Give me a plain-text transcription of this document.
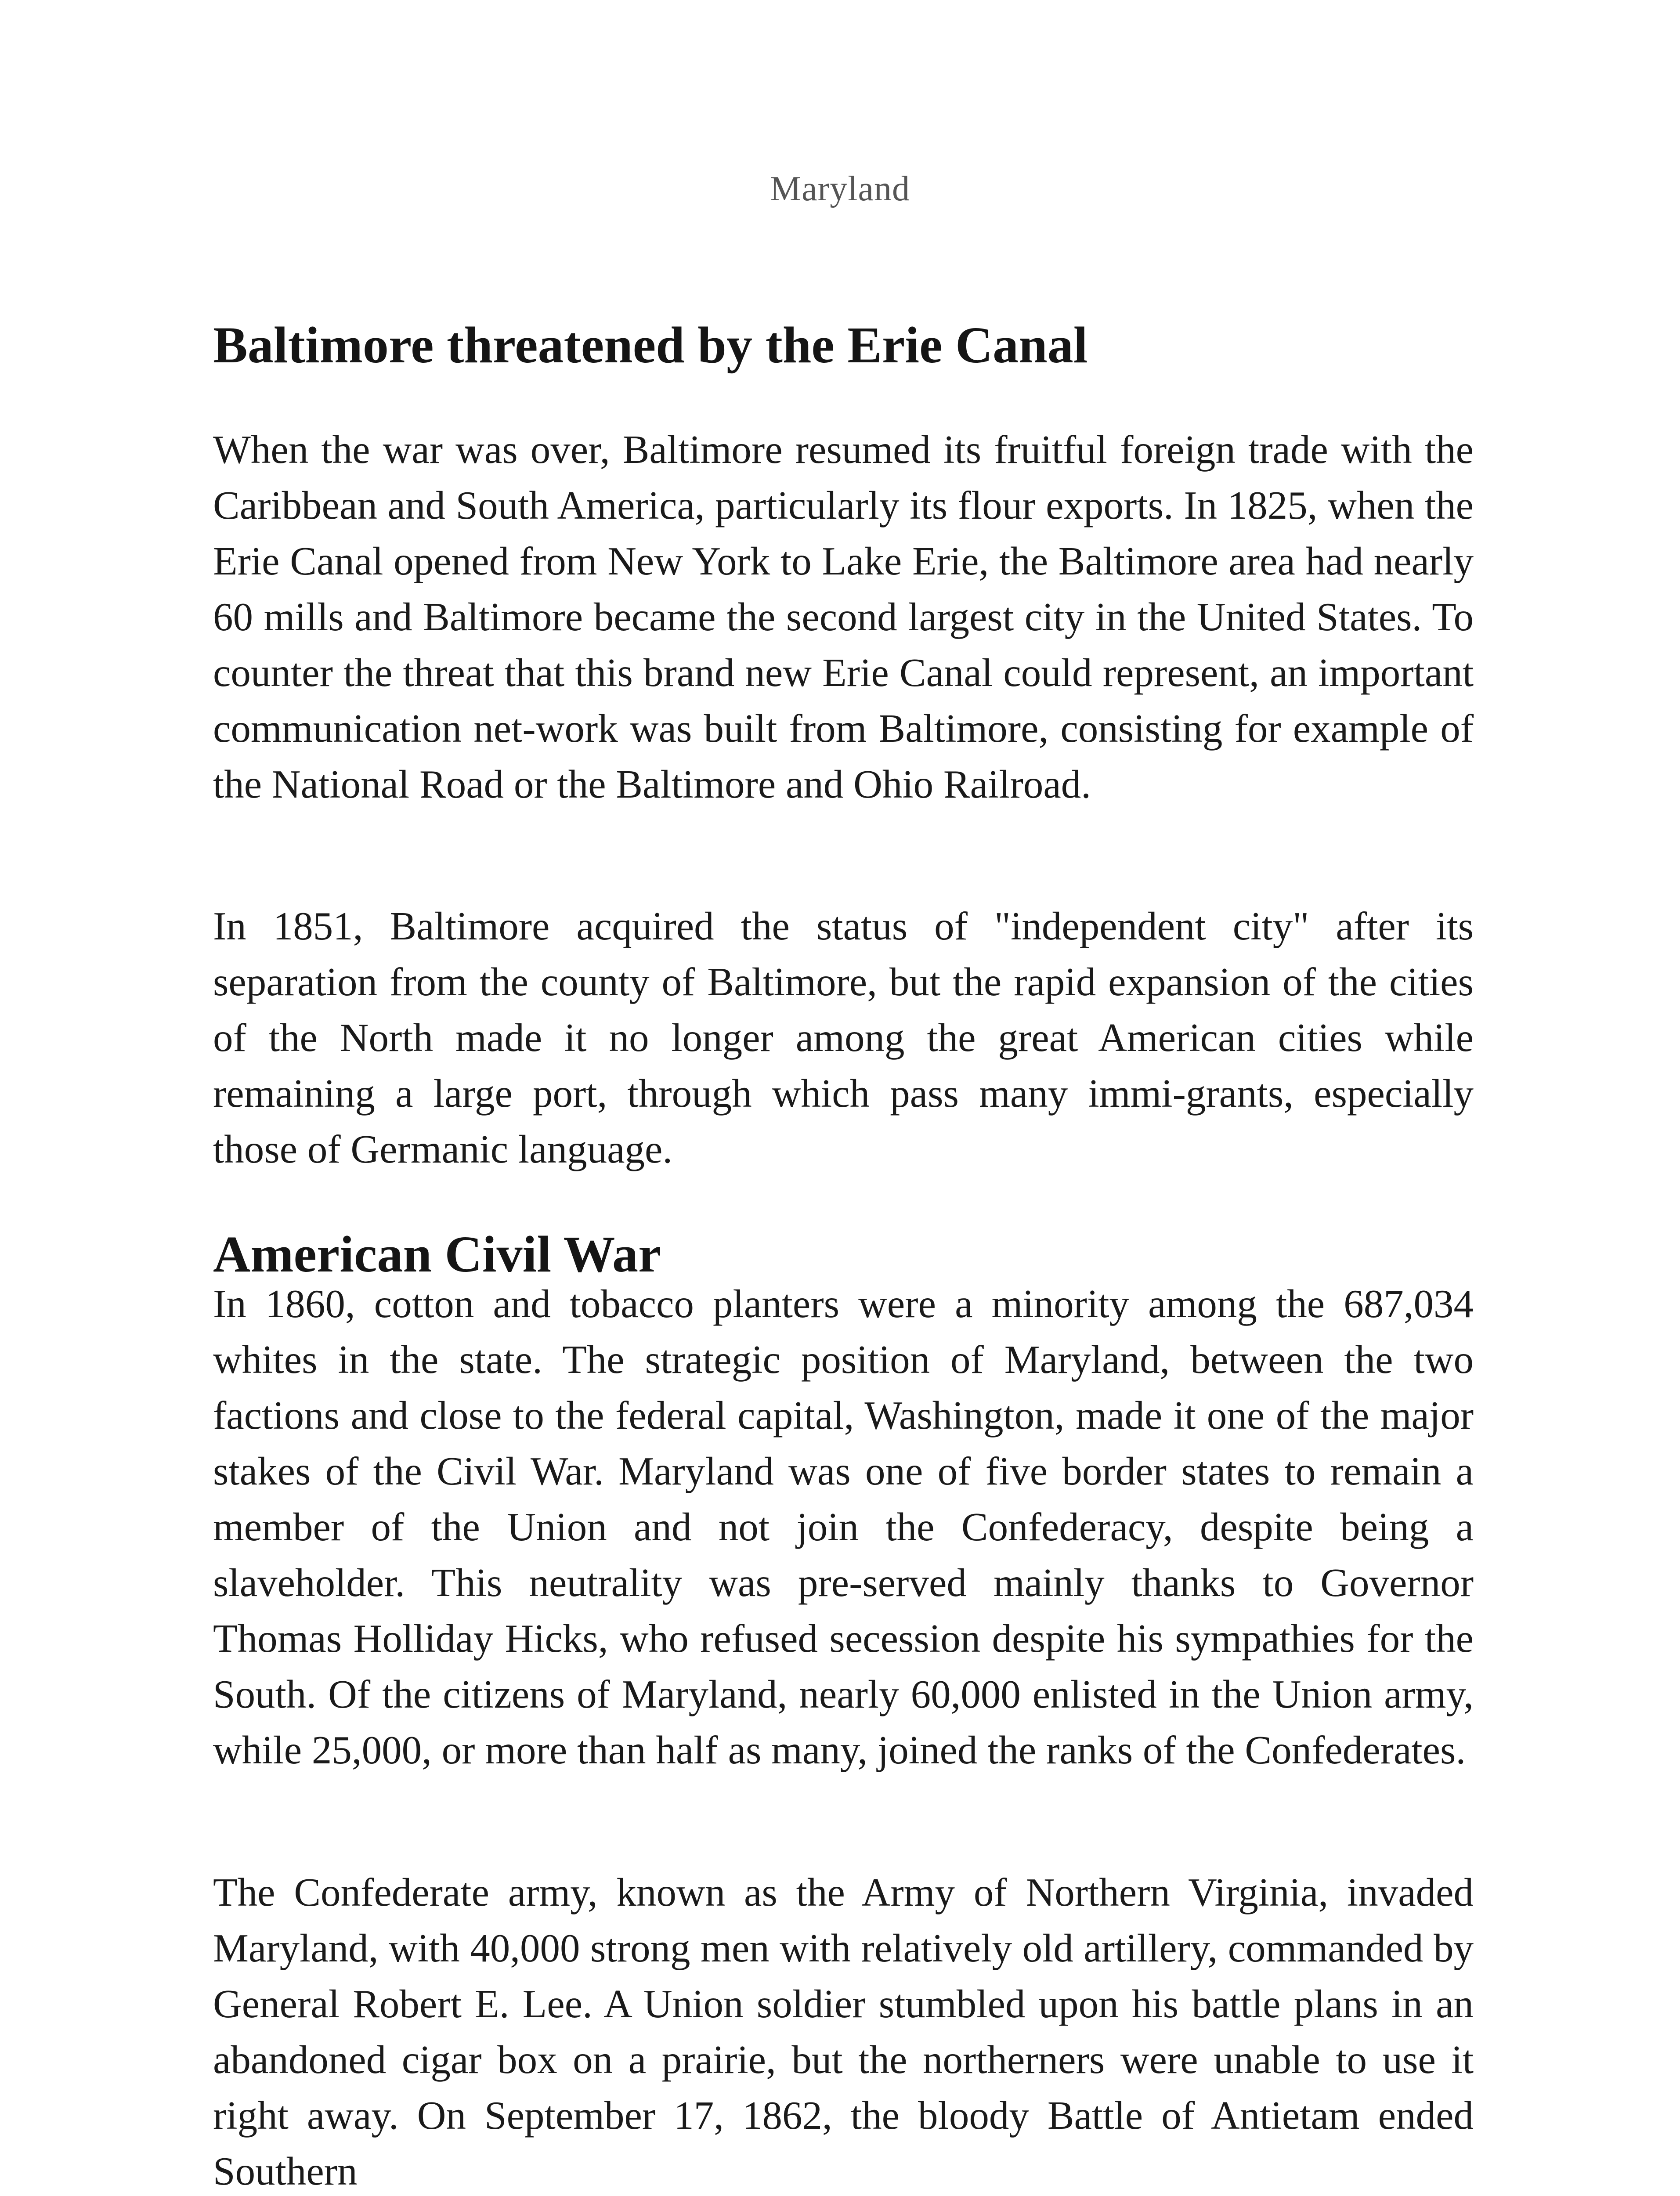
Maryland
Baltimore threatened by the Erie Canal

When the war was over, Baltimore resumed its fruitful foreign trade with the Caribbean and South America, particularly its flour exports. In 1825, when the Erie Canal opened from New York to Lake Erie, the Baltimore area had nearly 60 mills and Baltimore became the second largest city in the United States. To counter the threat that this brand new Erie Canal could represent, an important communication net-work was built from Baltimore, consisting for example of the National Road or the Baltimore and Ohio Railroad.

In 1851, Baltimore acquired the status of "independent city" after its separation from the county of Baltimore, but the rapid expansion of the cities of the North made it no longer among the great American cities while remaining a large port, through which pass many immi-grants, especially those of Germanic language.

American Civil War

In 1860, cotton and tobacco planters were a minority among the 687,034 whites in the state. The strategic position of Maryland, between the two factions and close to the federal capital, Washington, made it one of the major stakes of the Civil War. Maryland was one of five border states to remain a member of the Union and not join the Confederacy, despite being a slaveholder. This neutrality was pre-served mainly thanks to Governor Thomas Holliday Hicks, who refused secession despite his sympathies for the South. Of the citizens of Maryland, nearly 60,000 enlisted in the Union army, while 25,000, or more than half as many, joined the ranks of the Confederates.

The Confederate army, known as the Army of Northern Virginia, invaded Maryland, with 40,000 strong men with relatively old artillery, commanded by General Robert E. Lee. A Union soldier stumbled upon his battle plans in an abandoned cigar box on a prairie, but the northerners were unable to use it right away. On September 17, 1862, the bloody Battle of Antietam ended Southern
